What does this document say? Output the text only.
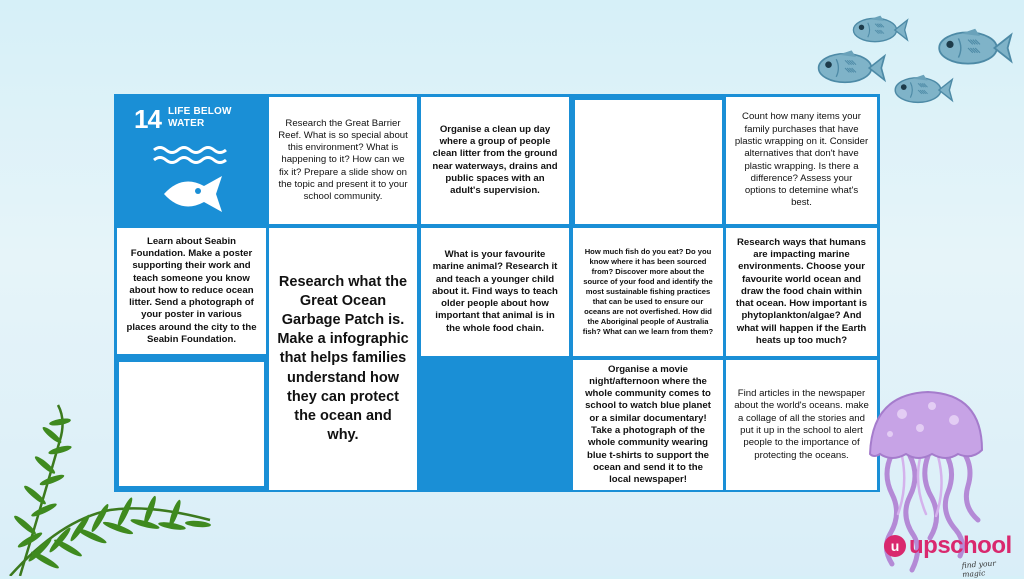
14 LIFE BELOW
WATER	Research the Great Barrier Reef. What is so special about this environment? What is happening to it? How can we fix it? Prepare a slide show on the topic and present it to your school community.
Organise a clean up day where a group of people clean litter from the ground near waterways, drains and public spaces with an adult's supervision.
Count how many items your family purchases that have plastic wrapping on it. Consider alternatives that don't have plastic wrapping. Is there a difference? Assess your options to detemine what's best.
Learn about Seabin Foundation. Make a poster supporting their work and teach someone you know about how to reduce ocean litter. Send a photograph of your poster in various places around the city to the Seabin Foundation.
Research what the Great Ocean Garbage Patch is. Make a infographic that helps families understand how they can protect the ocean and why.
What is your favourite marine animal? Research it and teach a younger child about it. Find ways to teach older people about how important that animal is in the whole food chain.
How much fish do you eat? Do you know where it has been sourced from? Discover more about the source of your food and identify the most sustainable fishing practices that can be used to ensure our oceans are not overfished. How did the Aboriginal people of Australia fish? What can we learn from them?
Research ways that humans are impacting marine environments. Choose your favourite world ocean and draw the food chain within that ocean. How important is phytoplankton/algae? And what will happen if the Earth heats up too much?
Organise a movie night/afternoon where the whole community comes to school to watch blue planet or a similar documentary! Take a photograph of the whole community wearing blue t-shirts to support the ocean and send it to the local newspaper!
Find articles in the newspaper about the world's oceans. make a collage of all the stories and put it up in the school to alert people to the importance of protecting the oceans.
u upschool
find your magic
